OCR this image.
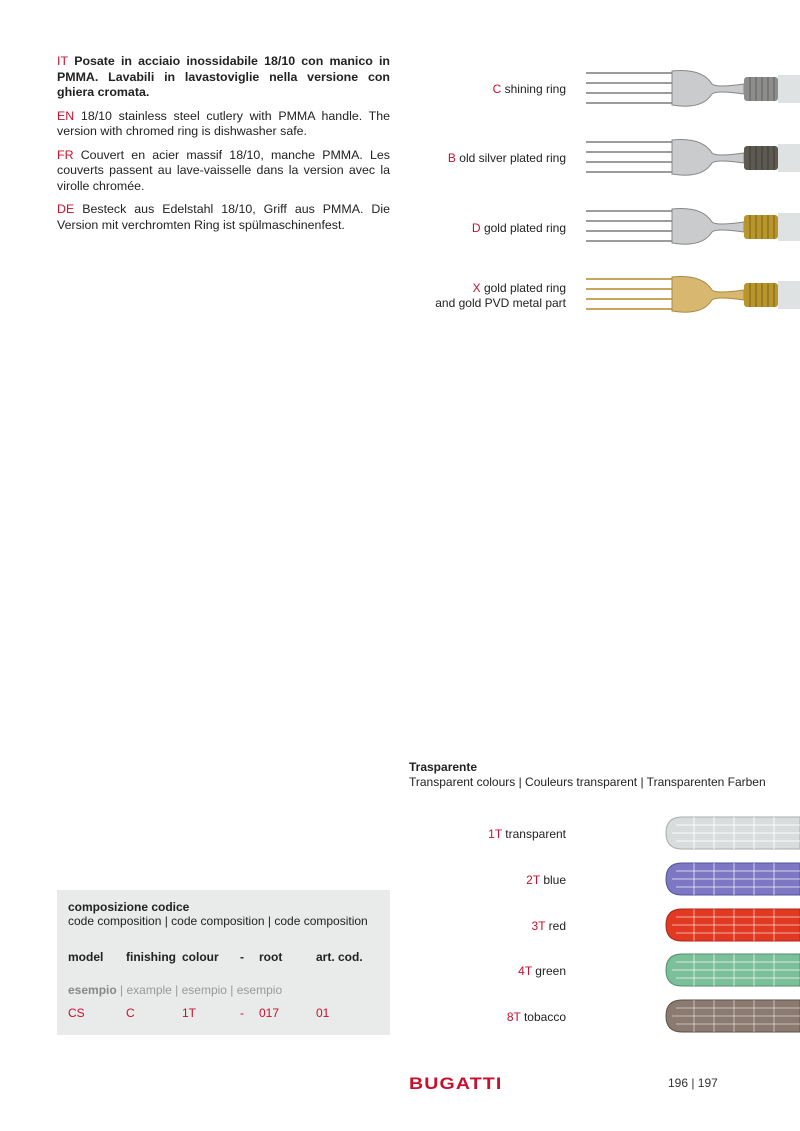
IT Posate in acciaio inossidabile 18/10 con manico in PMMA. Lavabili in lavastoviglie nella versione con ghiera cromata.

EN 18/10 stainless steel cutlery with PMMA handle. The version with chromed ring is dishwasher safe.

FR Couvert en acier massif 18/10, manche PMMA. Les couverts passent au lave-vaisselle dans la version avec la virolle chromée.

DE Besteck aus Edelstahl 18/10, Griff aus PMMA. Die Version mit verchromten Ring ist spülmaschinenfest.

C shining ring
B old silver plated ring
D gold plated ring
X gold plated ring
and gold PVD metal part
Trasparente
Transparent colours | Couleurs transparent | Transparenten Farben
1T transparent
2T blue
3T red
4T green
8T tobacco
composizione codice
code composition | code composition | code composition
model finishing colour - root	art. cod.
esempio | example | esempio | esempio
CS	C	1T	- 017	01
BUGATTI	196 | 197
